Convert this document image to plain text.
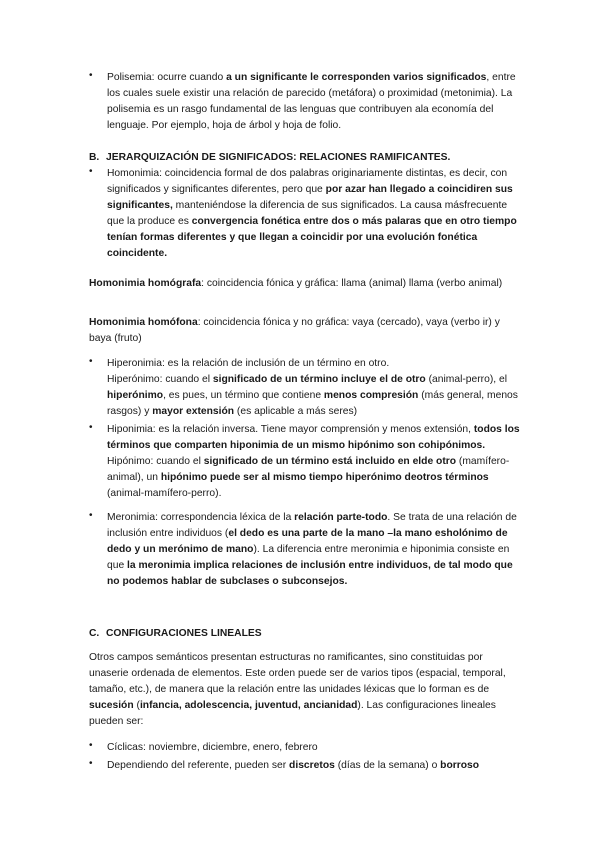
• Polisemia: ocurre cuando a un significante le corresponden varios significados, entre los cuales suele existir una relación de parecido (metáfora) o proximidad (metonimia). La polisemia es un rasgo fundamental de las lenguas que contribuyen ala economía del lenguaje. Por ejemplo, hoja de árbol y hoja de folio.

B. JERARQUIZACIÓN DE SIGNIFICADOS: RELACIONES RAMIFICANTES.

• Homonimia: coincidencia formal de dos palabras originariamente distintas, es decir, con significados y significantes diferentes, pero que por azar han llegado a coincidiren sus significantes, manteniéndose la diferencia de sus significados. La causa másfrecuente que la produce es convergencia fonética entre dos o más palaras que en otro tiempo tenían formas diferentes y que llegan a coincidir por una evolución fonética coincidente.

Homonimia homógrafa: coincidencia fónica y gráfica: llama (animal) llama (verbo animal)

Homonimia homófona: coincidencia fónica y no gráfica: vaya (cercado), vaya (verbo ir) y baya (fruto)

• Hiperonimia: es la relación de inclusión de un término en otro.
Hiperónimo: cuando el significado de un término incluye el de otro (animal-perro), el hiperónimo, es pues, un término que contiene menos compresión (más general, menos rasgos) y mayor extensión (es aplicable a más seres)

• Hiponimia: es la relación inversa. Tiene mayor comprensión y menos extensión, todos los términos que comparten hiponimia de un mismo hipónimo son cohipónimos. Hipónimo: cuando el significado de un término está incluido en elde otro (mamífero-animal), un hipónimo puede ser al mismo tiempo hiperónimo deotros términos (animal-mamífero-perro).

• Meronimia: correspondencia léxica de la relación parte-todo. Se trata de una relación de inclusión entre individuos (el dedo es una parte de la mano –la mano esholónimo de dedo y un merónimo de mano). La diferencia entre meronimia e hiponimia consiste en que la meronimia implica relaciones de inclusión entre individuos, de tal modo que no podemos hablar de subclases o subconsejos.

C. CONFIGURACIONES LINEALES

Otros campos semánticos presentan estructuras no ramificantes, sino constituidas por unaserie ordenada de elementos. Este orden puede ser de varios tipos (espacial, temporal, tamaño, etc.), de manera que la relación entre las unidades léxicas que lo forman es de sucesión (infancia, adolescencia, juventud, ancianidad). Las configuraciones lineales pueden ser:

• Cíclicas: noviembre, diciembre, enero, febrero

• Dependiendo del referente, pueden ser discretos (días de la semana) o borroso
